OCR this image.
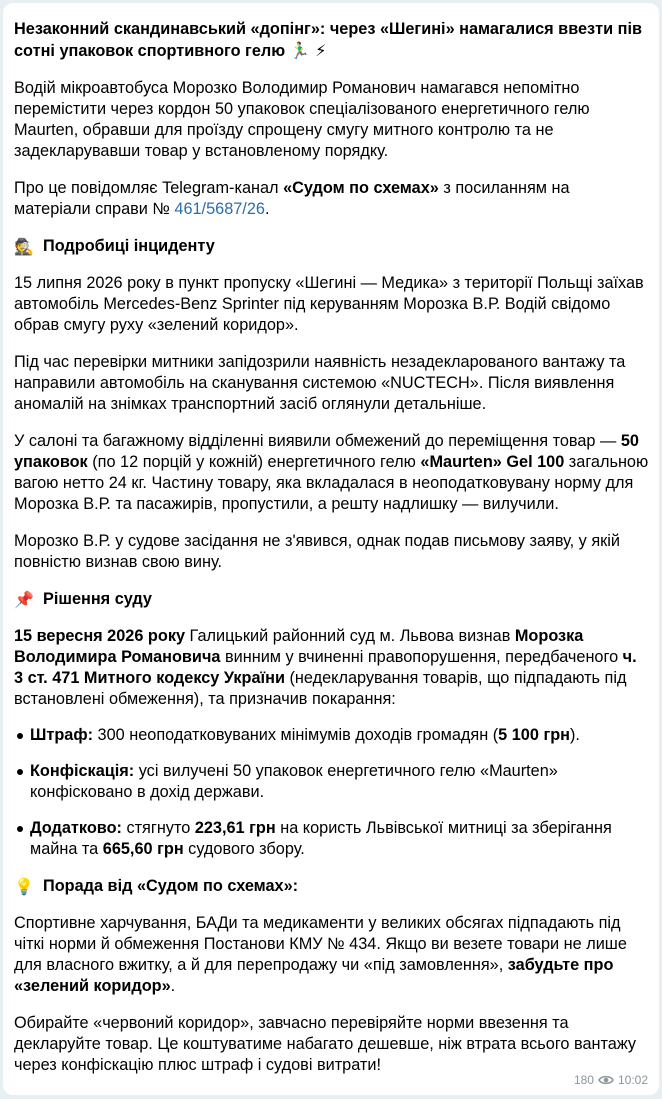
Незаконний скандинавський «допінг»: через «Шегині» намагалися ввезти пів сотні упаковок спортивного гелю 🏃‍♂️ ⚡

Водій мікроавтобуса Морозко Володимир Романович намагався непомітно перемістити через кордон 50 упаковок спеціалізованого енергетичного гелю Maurten, обравши для проїзду спрощену смугу митного контролю та не задекларувавши товар у встановленому порядку.

Про це повідомляє Telegram-канал «Судом по схемах» з посиланням на матеріали справи № 461/5687/26.

🕵️ Подробиці інциденту

15 липня 2026 року в пункт пропуску «Шегині — Медика» з території Польщі заїхав автомобіль Mercedes-Benz Sprinter під керуванням Морозка В.Р. Водій свідомо обрав смугу руху «зелений коридор».

Під час перевірки митники запідозрили наявність незадекларованого вантажу та направили автомобіль на сканування системою «NUCTECH». Після виявлення аномалій на знімках транспортний засіб оглянули детальніше.

У салоні та багажному відділенні виявили обмежений до переміщення товар — 50 упаковок (по 12 порцій у кожній) енергетичного гелю «Maurten» Gel 100 загальною вагою нетто 24 кг. Частину товару, яка вкладалася в неоподатковувану норму для Морозка В.Р. та пасажирів, пропустили, а решту надлишку — вилучили.

Морозко В.Р. у судове засідання не з'явився, однак подав письмову заяву, у якій повністю визнав свою вину.

📌 Рішення суду

15 вересня 2026 року Галицький районний суд м. Львова визнав Морозка Володимира Романовича винним у вчиненні правопорушення, передбаченого ч. 3 ст. 471 Митного кодексу України (недекларування товарів, що підпадають під встановлені обмеження), та призначив покарання:

Штраф: 300 неоподатковуваних мінімумів доходів громадян (5 100 грн).
Конфіскація: усі вилучені 50 упаковок енергетичного гелю «Maurten» конфісковано в дохід держави.
Додатково: стягнуто 223,61 грн на користь Львівської митниці за зберігання майна та 665,60 грн судового збору.

💡 Порада від «Судом по схемах»:

Спортивне харчування, БАДи та медикаменти у великих обсягах підпадають під чіткі норми й обмеження Постанови КМУ № 434. Якщо ви везете товари не лише для власного вжитку, а й для перепродажу чи «під замовлення», забудьте про «зелений коридор».

Обирайте «червоний коридор», завчасно перевіряйте норми ввезення та декларуйте товар. Це коштуватиме набагато дешевше, ніж втрата всього вантажу через конфіскацію плюс штраф і судові витрати!

180 10:02
